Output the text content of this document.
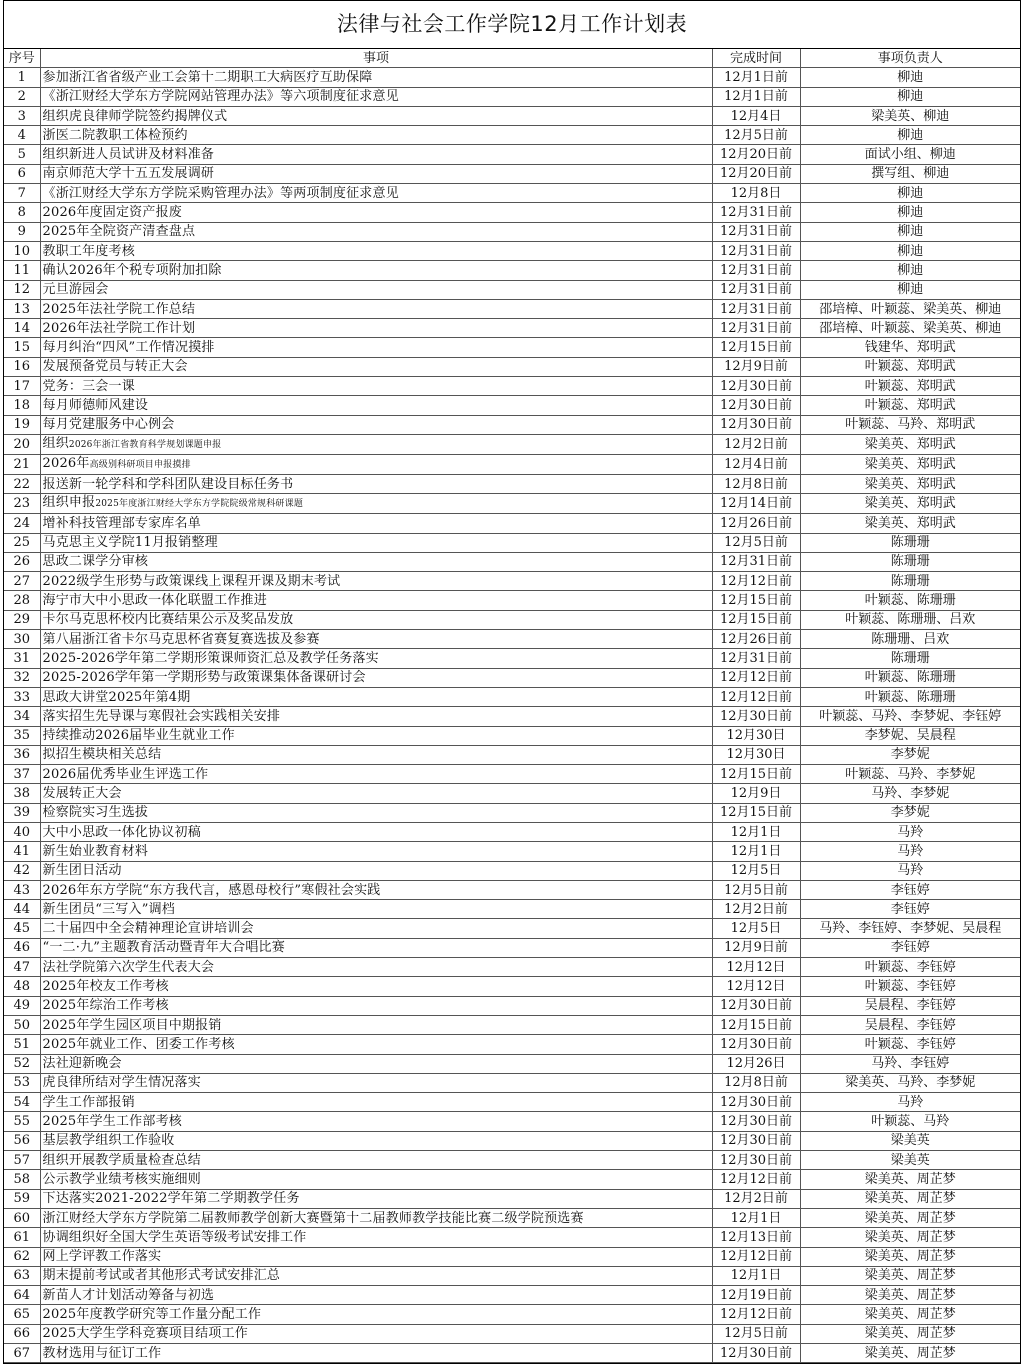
法律与社会工作学院12月工作计划表
序号	事项	完成时间	事项负责人
1	参加浙江省省级产业工会第十二期职工大病医疗互助保障	12月1日前	柳迪
2	《浙江财经大学东方学院网站管理办法》等六项制度征求意见	12月1日前	柳迪
3	组织虎良律师学院签约揭牌仪式	12月4日	梁美英、柳迪
4	浙医二院教职工体检预约	12月5日前	柳迪
5	组织新进人员试讲及材料准备	12月20日前	面试小组、柳迪
6	南京师范大学十五五发展调研	12月20日前	撰写组、柳迪
7	《浙江财经大学东方学院采购管理办法》等两项制度征求意见	12月8日	柳迪
8	2026年度固定资产报废	12月31日前	柳迪
9	2025年全院资产清查盘点	12月31日前	柳迪
10	教职工年度考核	12月31日前	柳迪
11	确认2026年个税专项附加扣除	12月31日前	柳迪
12	元旦游园会	12月31日前	柳迪
13	2025年法社学院工作总结	12月31日前	邵培樟、叶颖蕊、梁美英、柳迪
14	2026年法社学院工作计划	12月31日前	邵培樟、叶颖蕊、梁美英、柳迪
15	每月纠治“四风”工作情况摸排	12月15日前	钱建华、郑明武
16	发展预备党员与转正大会	12月9日前	叶颖蕊、郑明武
17	党务：三会一课	12月30日前	叶颖蕊、郑明武
18	每月师德师风建设	12月30日前	叶颖蕊、郑明武
19	每月党建服务中心例会	12月30日前	叶颖蕊、马羚、郑明武
20	组织2026年浙江省教育科学规划课题申报	12月2日前	梁美英、郑明武
21	2026年高级别科研项目申报摸排	12月4日前	梁美英、郑明武
22	报送新一轮学科和学科团队建设目标任务书	12月8日前	梁美英、郑明武
23	组织申报2025年度浙江财经大学东方学院院级常规科研课题	12月14日前	梁美英、郑明武
24	增补科技管理部专家库名单	12月26日前	梁美英、郑明武
25	马克思主义学院11月报销整理	12月5日前	陈珊珊
26	思政二课学分审核	12月31日前	陈珊珊
27	2022级学生形势与政策课线上课程开课及期末考试	12月12日前	陈珊珊
28	海宁市大中小思政一体化联盟工作推进	12月15日前	叶颖蕊、陈珊珊
29	卡尔马克思杯校内比赛结果公示及奖品发放	12月15日前	叶颖蕊、陈珊珊、吕欢
30	第八届浙江省卡尔马克思杯省赛复赛选拔及参赛	12月26日前	陈珊珊、吕欢
31	2025-2026学年第二学期形策课师资汇总及教学任务落实	12月31日前	陈珊珊
32	2025-2026学年第一学期形势与政策课集体备课研讨会	12月12日前	叶颖蕊、陈珊珊
33	思政大讲堂2025年第4期	12月12日前	叶颖蕊、陈珊珊
34	落实招生先导课与寒假社会实践相关安排	12月30日前	叶颖蕊、马羚、李梦妮、李钰婷
35	持续推动2026届毕业生就业工作	12月30日	李梦妮、吴晨程
36	拟招生模块相关总结	12月30日	李梦妮
37	2026届优秀毕业生评选工作	12月15日前	叶颖蕊、马羚、李梦妮
38	发展转正大会	12月9日	马羚、李梦妮
39	检察院实习生选拔	12月15日前	李梦妮
40	大中小思政一体化协议初稿	12月1日	马羚
41	新生始业教育材料	12月1日	马羚
42	新生团日活动	12月5日	马羚
43	2026年东方学院“东方我代言，感恩母校行”寒假社会实践	12月5日前	李钰婷
44	新生团员“三写入”调档	12月2日前	李钰婷
45	二十届四中全会精神理论宣讲培训会	12月5日	马羚、李钰婷、李梦妮、吴晨程
46	“一二·九”主题教育活动暨青年大合唱比赛	12月9日前	李钰婷
47	法社学院第六次学生代表大会	12月12日	叶颖蕊、李钰婷
48	2025年校友工作考核	12月12日	叶颖蕊、李钰婷
49	2025年综治工作考核	12月30日前	吴晨程、李钰婷
50	2025年学生园区项目中期报销	12月15日前	吴晨程、李钰婷
51	2025年就业工作、团委工作考核	12月30日前	叶颖蕊、李钰婷
52	法社迎新晚会	12月26日	马羚、李钰婷
53	虎良律所结对学生情况落实	12月8日前	梁美英、马羚、李梦妮
54	学生工作部报销	12月30日前	马羚
55	2025年学生工作部考核	12月30日前	叶颖蕊、马羚
56	基层教学组织工作验收	12月30日前	梁美英
57	组织开展教学质量检查总结	12月30日前	梁美英
58	公示教学业绩考核实施细则	12月12日前	梁美英、周芷梦
59	下达落实2021-2022学年第二学期教学任务	12月2日前	梁美英、周芷梦
60	浙江财经大学东方学院第二届教师教学创新大赛暨第十二届教师教学技能比赛二级学院预选赛	12月1日	梁美英、周芷梦
61	协调组织好全国大学生英语等级考试安排工作	12月13日前	梁美英、周芷梦
62	网上学评教工作落实	12月12日前	梁美英、周芷梦
63	期末提前考试或者其他形式考试安排汇总	12月1日	梁美英、周芷梦
64	新苗人才计划活动筹备与初选	12月19日前	梁美英、周芷梦
65	2025年度教学研究等工作量分配工作	12月12日前	梁美英、周芷梦
66	2025大学生学科竞赛项目结项工作	12月5日前	梁美英、周芷梦
67	教材选用与征订工作	12月30日前	梁美英、周芷梦
